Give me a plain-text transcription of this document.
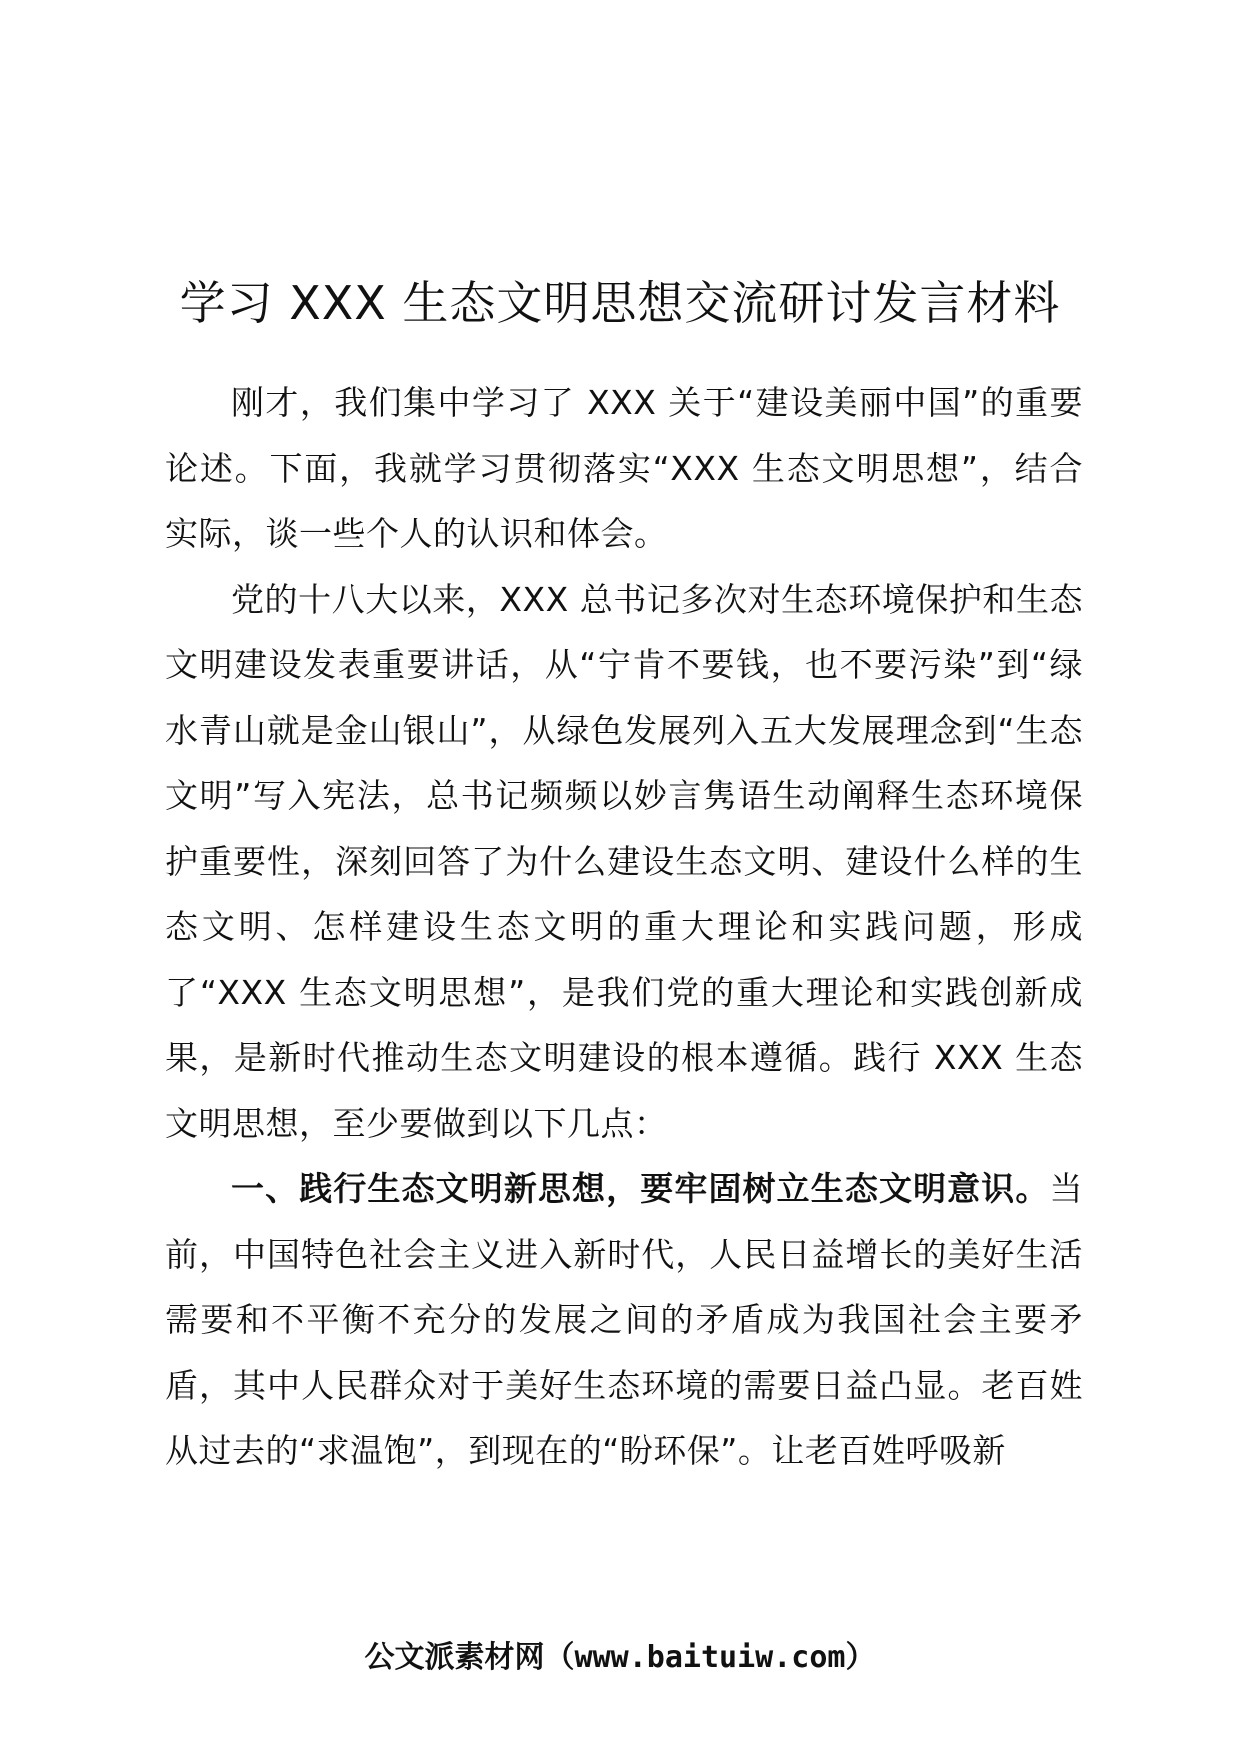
学习 XXX 生态文明思想交流研讨发言材料

刚才，我们集中学习了 XXX 关于“建设美丽中国”的重要论述。下面，我就学习贯彻落实“XXX 生态文明思想”，结合实际，谈一些个人的认识和体会。

党的十八大以来，XXX 总书记多次对生态环境保护和生态文明建设发表重要讲话，从“宁肯不要钱，也不要污染”到“绿水青山就是金山银山”，从绿色发展列入五大发展理念到“生态文明”写入宪法，总书记频频以妙言隽语生动阐释生态环境保护重要性，深刻回答了为什么建设生态文明、建设什么样的生态文明、怎样建设生态文明的重大理论和实践问题，形成了“XXX 生态文明思想”，是我们党的重大理论和实践创新成果，是新时代推动生态文明建设的根本遵循。践行 XXX 生态文明思想，至少要做到以下几点：

一、践行生态文明新思想，要牢固树立生态文明意识。当前，中国特色社会主义进入新时代，人民日益增长的美好生活需要和不平衡不充分的发展之间的矛盾成为我国社会主要矛盾，其中人民群众对于美好生态环境的需要日益凸显。老百姓从过去的“求温饱”，到现在的“盼环保”。让老百姓呼吸新

公文派素材网（www.baituiw.com）
